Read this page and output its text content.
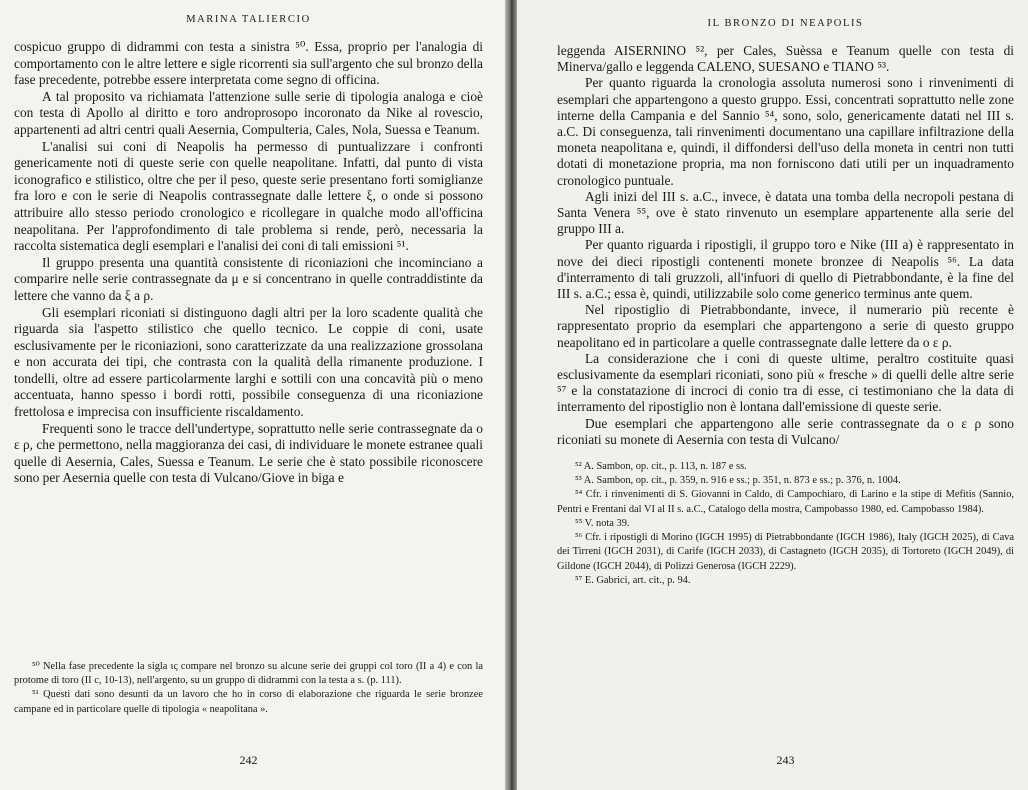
MARINA TALIERCIO

cospicuo gruppo di didrammi con testa a sinistra ⁵⁰. Essa, proprio per l'analogia di comportamento con le altre lettere e sigle ricorrenti sia sull'argento che sul bronzo della fase precedente, potrebbe essere interpretata come segno di officina.

A tal proposito va richiamata l'attenzione sulle serie di tipologia analoga e cioè con testa di Apollo al diritto e toro androprosopo incoronato da Nike al rovescio, appartenenti ad altri centri quali Aesernia, Compulteria, Cales, Nola, Suessa e Teanum.

L'analisi sui coni di Neapolis ha permesso di puntualizzare i confronti genericamente noti di queste serie con quelle neapolitane. Infatti, dal punto di vista iconografico e stilistico, oltre che per il peso, queste serie presentano forti somiglianze fra loro e con le serie di Neapolis contrassegnate dalle lettere ξ, ο onde si possono attribuire allo stesso periodo cronologico e ricollegare in qualche modo all'officina neapolitana. Per l'approfondimento di tale problema si rende, però, necessaria la raccolta sistematica degli esemplari e l'analisi dei coni di tali emissioni ⁵¹.

Il gruppo presenta una quantità consistente di riconiazioni che incominciano a comparire nelle serie contrassegnate da μ e si concentrano in quelle contraddistinte da lettere che vanno da ξ a ρ.

Gli esemplari riconiati si distinguono dagli altri per la loro scadente qualità che riguarda sia l'aspetto stilistico che quello tecnico. Le coppie di coni, usate esclusivamente per le riconiazioni, sono caratterizzate da una realizzazione grossolana e non accurata dei tipi, che contrasta con la qualità della rimanente produzione. I tondelli, oltre ad essere particolarmente larghi e sottili con una concavità più o meno accentuata, hanno spesso i bordi rotti, possibile conseguenza di una riconiazione frettolosa e imprecisa con insufficiente riscaldamento.

Frequenti sono le tracce dell'undertype, soprattutto nelle serie contrassegnate da ο ε ρ, che permettono, nella maggioranza dei casi, di individuare le monete estranee quali quelle di Aesernia, Cales, Suessa e Teanum. Le serie che è stato possibile riconoscere sono per Aesernia quelle con testa di Vulcano/Giove in biga e

⁵⁰ Nella fase precedente la sigla ις compare nel bronzo su alcune serie dei gruppi col toro (II a 4) e con la protome di toro (II c, 10-13), nell'argento, su un gruppo di didrammi con la testa a s. (p. 111).

⁵¹ Questi dati sono desunti da un lavoro che ho in corso di elaborazione che riguarda le serie bronzee campane ed in particolare quelle di tipologia « neapolitana ».

242
IL BRONZO DI NEAPOLIS

leggenda AISERNINO ⁵², per Cales, Suèssa e Teanum quelle con testa di Minerva/gallo e leggenda CALENO, SUESANO e TIANO ⁵³.

Per quanto riguarda la cronologia assoluta numerosi sono i rinvenimenti di esemplari che appartengono a questo gruppo. Essi, concentrati soprattutto nelle zone interne della Campania e del Sannio ⁵⁴, sono, solo, genericamente datati nel III s. a.C. Di conseguenza, tali rinvenimenti documentano una capillare infiltrazione della moneta neapolitana e, quindi, il diffondersi dell'uso della moneta in centri non tutti dotati di monetazione propria, ma non forniscono dati utili per un inquadramento cronologico puntuale.

Agli inizi del III s. a.C., invece, è datata una tomba della necropoli pestana di Santa Venera ⁵⁵, ove è stato rinvenuto un esemplare appartenente alla serie del gruppo III a.

Per quanto riguarda i ripostigli, il gruppo toro e Nike (III a) è rappresentato in nove dei dieci ripostigli contenenti monete bronzee di Neapolis ⁵⁶. La data d'interramento di tali gruzzoli, all'infuori di quello di Pietrabbondante, è la fine del III s. a.C.; essa è, quindi, utilizzabile solo come generico terminus ante quem.

Nel ripostiglio di Pietrabbondante, invece, il numerario più recente è rappresentato proprio da esemplari che appartengono a serie di questo gruppo neapolitano ed in particolare a quelle contrassegnate dalle lettere da ο ε ρ.

La considerazione che i coni di queste ultime, peraltro costituite quasi esclusivamente da esemplari riconiati, sono più « fresche » di quelli delle altre serie ⁵⁷ e la constatazione di incroci di conio tra di esse, ci testimoniano che la data di interramento del ripostiglio non è lontana dall'emissione di queste serie.

Due esemplari che appartengono alle serie contrassegnate da ο ε ρ sono riconiati su monete di Aesernia con testa di Vulcano/

⁵² A. Sambon, op. cit., p. 113, n. 187 e ss.

⁵³ A. Sambon, op. cit., p. 359, n. 916 e ss.; p. 351, n. 873 e ss.; p. 376, n. 1004.

⁵⁴ Cfr. i rinvenimenti di S. Giovanni in Caldo, di Campochiaro, di Larino e la stipe di Mefitis (Sannio, Pentri e Frentani dal VI al II s. a.C., Catalogo della mostra, Campobasso 1980, ed. Campobasso 1984).

⁵⁵ V. nota 39.

⁵⁶ Cfr. i ripostigli di Morino (IGCH 1995) di Pietrabbondante (IGCH 1986), Italy (IGCH 2025), di Cava dei Tirreni (IGCH 2031), di Carife (IGCH 2033), di Castagneto (IGCH 2035), di Tortoreto (IGCH 2049), di Gildone (IGCH 2044), di Polizzi Generosa (IGCH 2229).

⁵⁷ E. Gabrici, art. cit., p. 94.

243
